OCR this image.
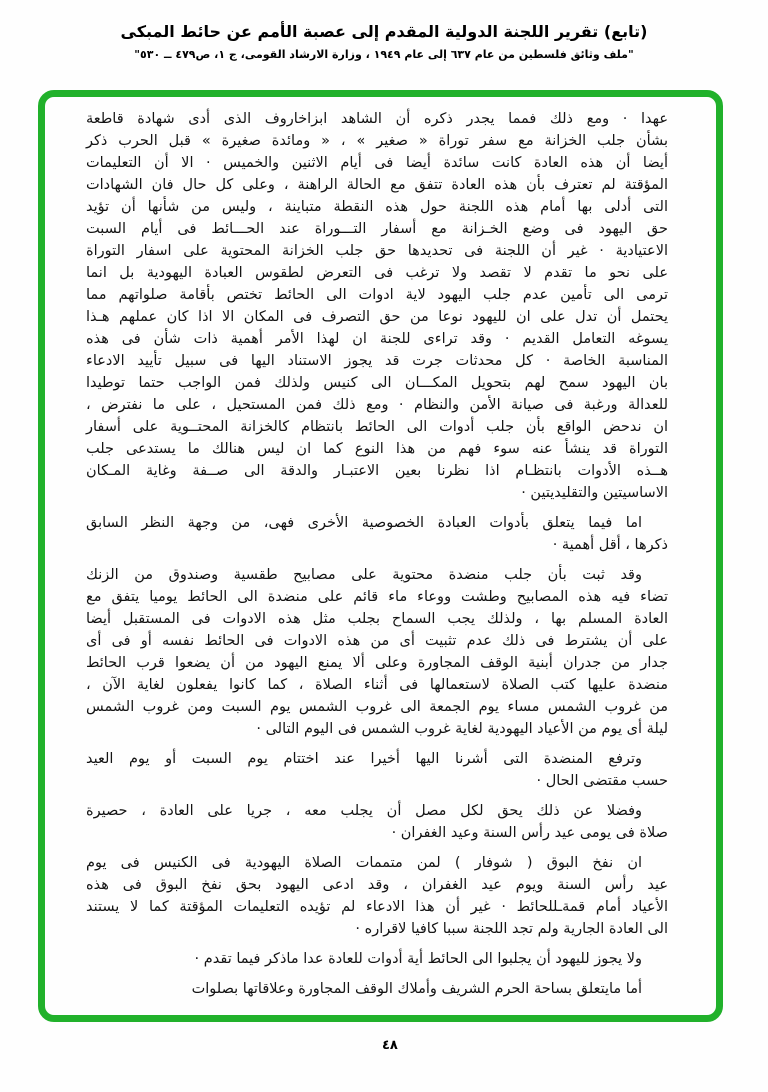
(تابع) تقرير اللجنة الدولية المقدم إلى عصبة الأمم عن حائط المبكى
"ملف وثائق فلسطين من عام ٦٣٧ إلى عام ١٩٤٩ ، وزارة الارشاد القومى، ج ١، ص٤٧٩ ــ ٥٣٠"
عهدا · ومع ذلك فمما يجدر ذكره أن الشاهد ابزاخاروف الذى أدى شهادة قاطعة
بشأن جلب الخزانة مع سفر توراة « صغير » ، « ومائدة صغيرة » قبل الحرب ذكر
أيضا أن هذه العادة كانت سائدة أيضا فى أيام الاثنين والخميس · الا أن التعليمات
المؤقتة لم تعترف بأن هذه العادة تتفق مع الحالة الراهنة ، وعلى كل حال فان الشهادات
التى أدلى بها أمام هذه اللجنة حول هذه النقطة متباينة ، وليس من شأنها أن تؤيد
حق اليهود فى وضع الخـزانة مع أسفار التـــوراة عند الحـــائط فى أيام السبت
الاعتيادية · غير أن اللجنة فى تحديدها حق جلب الخزانة المحتوية على اسفار التوراة
على نحو ما تقدم لا تقصد ولا ترغب فى التعرض لطقوس العبادة اليهودية بل انما
ترمى الى تأمين عدم جلب اليهود لاية ادوات الى الحائط تختص بأقامة صلواتهم مما
يحتمل أن تدل على ان لليهود نوعا من حق التصرف فى المكان الا اذا كان عملهم هـذا
يسوغه التعامل القديم · وقد تراءى للجنة ان لهذا الأمر أهمية ذات شأن فى هذه
المناسبة الخاصة · كل محدثات جرت قد يجوز الاستناد اليها فى سبيل تأييد الادعاء
بان اليهود سمح لهم بتحويل المكـــان الى كنيس ولذلك فمن الواجب حتما توطيدا
للعدالة ورغبة فى صيانة الأمن والنظام · ومع ذلك فمن المستحيل ، على ما نفترض ،
ان ندحض الواقع بأن جلب أدوات الى الحائط بانتظام كالخزانة المحتــوية على أسفار
التوراة قد ينشأ عنه سوء فهم من هذا النوع كما ان ليس هنالك ما يستدعى جلب
هــذه الأدوات بانتظـام اذا نظرنا بعين الاعتبـار والدقة الى صــفة وغاية المـكان
الاساسيتين والتقليديتين ·
اما فيما يتعلق بأدوات العبادة الخصوصية الأخرى فهى، من وجهة النظر السابق
ذكرها ، أقل أهمية ·
وقد ثبت بأن جلب منضدة محتوية على مصابيح طقسية وصندوق من الزنك
تضاء فيه هذه المصابيح وطشت ووعاء ماء قائم على منضدة الى الحائط يوميا يتفق مع
العادة المسلم بها ، ولذلك يجب السماح بجلب مثل هذه الادوات فى المستقبل أيضا
على أن يشترط فى ذلك عدم تثبيت أى من هذه الادوات فى الحائط نفسه أو فى أى
جدار من جدران أبنية الوقف المجاورة وعلى ألا يمنع اليهود من أن يضعوا قرب الحائط
منضدة عليها كتب الصلاة لاستعمالها فى أثناء الصلاة ، كما كانوا يفعلون لغاية الآن ،
من غروب الشمس مساء يوم الجمعة الى غروب الشمس يوم السبت ومن غروب الشمس
ليلة أى يوم من الأعياد اليهودية لغاية غروب الشمس فى اليوم التالى ·
وترفع المنضدة التى أشرنا اليها أخيرا عند اختتام يوم السبت أو يوم العيد
حسب مقتضى الحال ·
وفضلا عن ذلك يحق لكل مصل أن يجلب معه ، جريا على العادة ، حصيرة
صلاة فى يومى عيد رأس السنة وعيد الغفران ·
ان نفخ البوق ( شوفار ) لمن متممات الصلاة اليهودية فى الكنيس فى يوم
عيد رأس السنة ويوم عيد الغفران ، وقد ادعى اليهود بحق نفخ البوق فى هذه
الأعياد أمام قمةـللحائط · غير أن هذا الادعاء لم تؤيده التعليمات المؤقتة كما لا يستند
الى العادة الجارية ولم تجد اللجنة سببا كافيا لاقراره ·
ولا يجوز لليهود أن يجلبوا الى الحائط أية أدوات للعادة عدا ماذكر فيما تقدم ·
أما مايتعلق بساحة الحرم الشريف وأملاك الوقف المجاورة وعلاقاتها بصلوات
٤٨
